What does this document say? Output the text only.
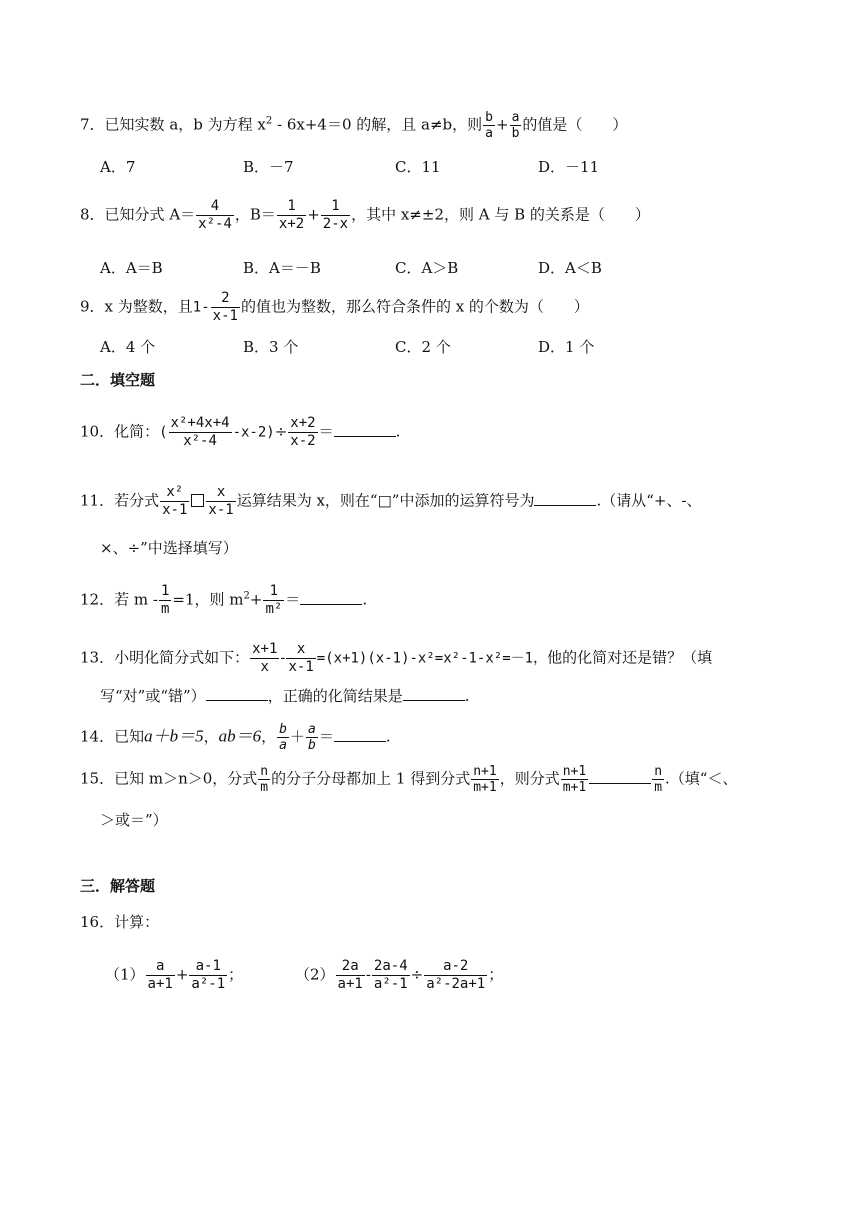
7．已知实数 a，b 为方程 $x^2 - 6x+4=0$ 的解，且 a≠b，则 $\frac{b}{a} + \frac{a}{b}$ 的值是（　　）
A．7	B．－7	C．11	D．－11
8．已知分式 $A= \frac{4}{\text{x²-4}}$ ，$B= \frac{1}{x+2} + \frac{1}{2-x}$ ，其中 x≠±2，则 A 与 B 的关系是（　　）
A．A＝B	B．A＝－B	C．A＞B	D．A＜B
9．x 为整数，且$1- \frac{2}{x-1}$ 的值也为整数，那么符合条件的 x 的个数为（　　）
A．4 个	B．3 个	C．2 个	D．1 个
二．填空题
10．化简：( $\frac{\text{x²+4x+4}}{\text{x²-4}} -x-2)\div \frac{x+2}{x-2}$ ＝	.
11．若分式 $\frac{\text{x²}}{x-1} \frac{x}{x-1}$ 运算结果为 x，则在“□”中添加的运算符号为	.（请从“+、-、
×、÷”中选择填写）
12．若 $m - \frac{1}{m} =1$，则 $m^2+ \frac{1}{\text{m²}}$ ＝	.
13．小明化简分式如下： $\frac{x+1}{x} - \frac{x}{x-1} =(x+1)(x-1)-x^2=x^2-1-x^2=-1$，他的化简对还是错？（填
写“对”或“错”）	，正确的化简结果是	.
14．已知a＋b＝5，ab＝6， $\frac{b}{a} + \frac{a}{b}$ ＝	.
15．已知 m＞n＞0，分式 $\frac{n}{m}$ 的分子分母都加上 1 得到分式 $\frac{n+1}{m+1}$ ，则分式 $\frac{n+1}{m+1}$	$\frac{n}{m}$ .（填“＜、
＞或＝”）
三．解答题
16．计算：
$(1) \frac{a}{a+1} + \frac{a-1}{\text{a²-1}}$ ；	$(2) \frac{2a}{a+1} - \frac{2a-4}{\text{a²-1}} \div \frac{a-2}{\text{a²-2a+1}}$ ；
